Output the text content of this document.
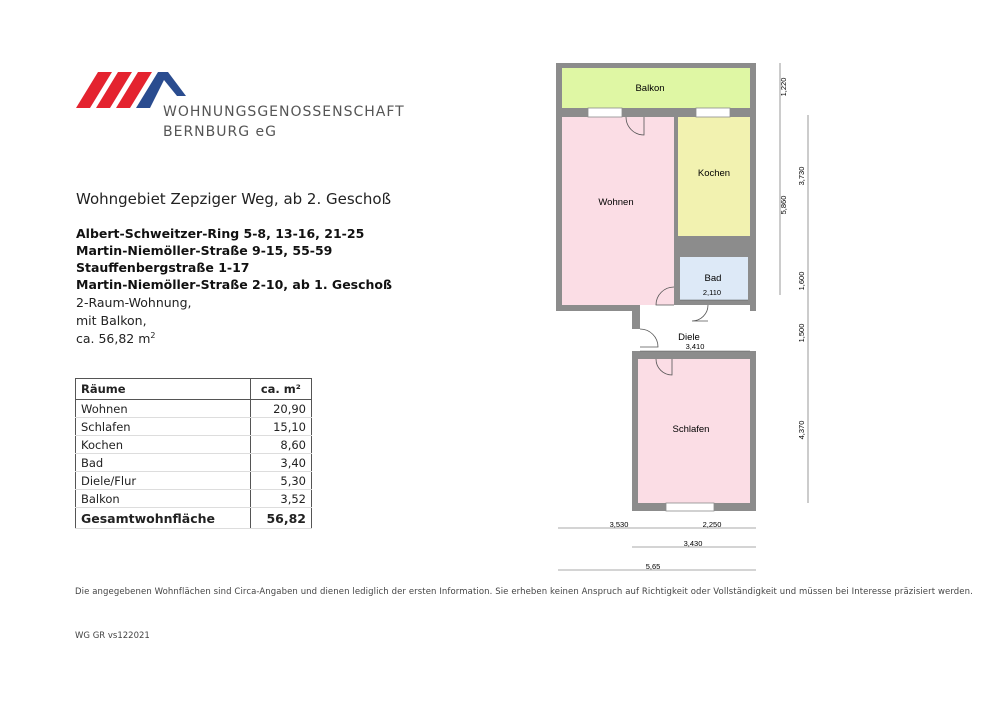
WOHNUNGSGENOSSENSCHAFT
BERNBURG eG
Wohngebiet Zepziger Weg, ab 2. Geschoß
Albert-Schweitzer-Ring 5-8, 13-16, 21-25
Martin-Niemöller-Straße 9-15, 55-59
Stauffenbergstraße 1-17
Martin-Niemöller-Straße 2-10, ab 1. Geschoß
2-Raum-Wohnung,
mit Balkon,
ca. 56,82 $m^2$
Räume	ca. m²
Wohnen	20,90
Schlafen	15,10
Kochen	8,60
Bad	3,40
Diele/Flur	5,30
Balkon	3,52
Gesamtwohnfläche	56,82
Balkon
Wohnen
Kochen
Bad
2,110
Diele
3,410
Schlafen
1,220
5,860
3,730
1,600
1,500
4,370
3,530	2,250
3,430
5,65
Die angegebenen Wohnflächen sind Circa-Angaben und dienen lediglich der ersten Information. Sie erheben keinen Anspruch auf Richtigkeit oder Vollständigkeit und müssen bei Interesse präzisiert werden.
WG GR vs122021
